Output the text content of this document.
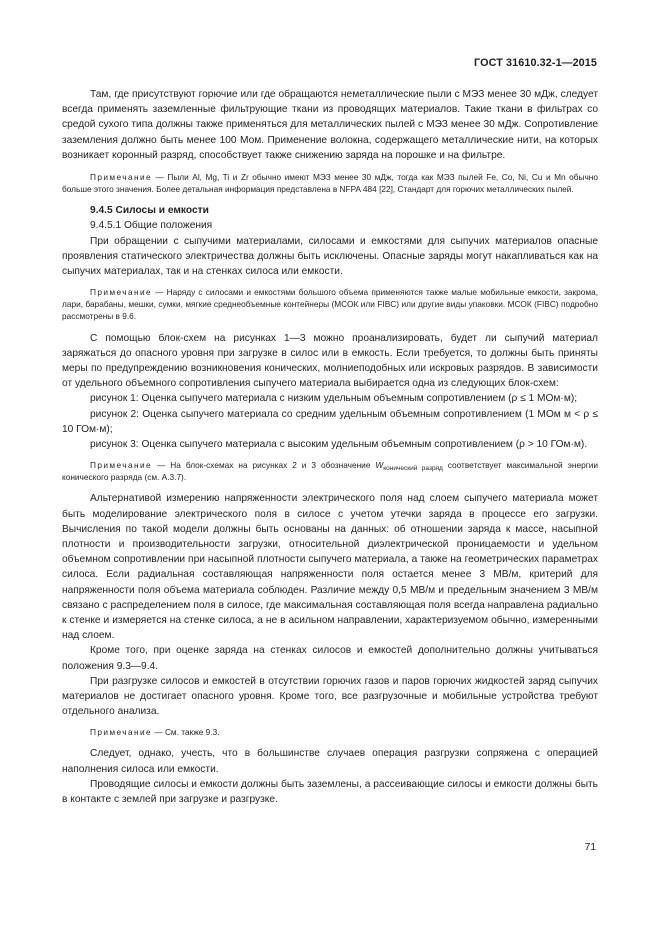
ГОСТ 31610.32-1—2015

Там, где присутствуют горючие или где обращаются неметаллические пыли с МЭЗ менее 30 мДж, следует всегда применять заземленные фильтрующие ткани из проводящих материалов. Такие ткани в фильтрах со средой сухого типа должны также применяться для металлических пылей с МЭЗ менее 30 мДж. Сопротивление заземления должно быть менее 100 Мом. Применение волокна, содержащего металлические нити, на которых возникает коронный разряд, способствует также снижению заряда на порошке и на фильтре.

Примечание — Пыли Al, Mg, Ti и Zr обычно имеют МЭЗ менее 30 мДж, тогда как МЭЗ пылей Fe, Co, Ni, Cu и Mn обычно больше этого значения. Более детальная информация представлена в NFPA 484 [22], Стандарт для горючих металлических пылей.

9.4.5 Силосы и емкости

9.4.5.1 Общие положения

При обращении с сыпучими материалами, силосами и емкостями для сыпучих материалов опасные проявления статического электричества должны быть исключены. Опасные заряды могут накапливаться как на сыпучих материалах, так и на стенках силоса или емкости.

Примечание — Наряду с силосами и емкостями большого объема применяются также малые мобильные емкости, закрома, лари, барабаны, мешки, сумки, мягкие среднеобъемные контейнеры (МСОК или FIBC) или другие виды упаковки. МСОК (FIBC) подробно рассмотрены в 9.6.

С помощью блок-схем на рисунках 1—3 можно проанализировать, будет ли сыпучий материал заряжаться до опасного уровня при загрузке в силос или в емкость. Если требуется, то должны быть приняты меры по предупреждению возникновения конических, молниеподобных или искровых разрядов. В зависимости от удельного объемного сопротивления сыпучего материала выбирается одна из следующих блок-схем:

рисунок 1: Оценка сыпучего материала с низким удельным объемным сопротивлением (ρ ≤ 1 МОм·м);

рисунок 2: Оценка сыпучего материала со средним удельным объемным сопротивлением (1 МОм м < ρ ≤ 10 ГОм·м);

рисунок 3: Оценка сыпучего материала с высоким удельным объемным сопротивлением (ρ > 10 ГОм·м).

Примечание — На блок-схемах на рисунках 2 и 3 обозначение $W_{конический разряд}$ соответствует максимальной энергии конического разряда (см. А.3.7).

Альтернативой измерению напряженности электрического поля над слоем сыпучего материала может быть моделирование электрического поля в силосе с учетом утечки заряда в процессе его загрузки. Вычисления по такой модели должны быть основаны на данных: об отношении заряда к массе, насыпной плотности и производительности загрузки, относительной диэлектрической проницаемости и удельном объемном сопротивлении при насыпной плотности сыпучего материала, а также на геометрических параметрах силоса. Если радиальная составляющая напряженности поля остается менее 3 МВ/м, критерий для напряженности поля объема материала соблюден. Различие между 0,5 МВ/м и предельным значением 3 МВ/м связано с распределением поля в силосе, где максимальная составляющая поля всегда направлена радиально к стенке и измеряется на стенке силоса, а не в асильном направлении, характеризуемом обычно, измеренными над слоем.

Кроме того, при оценке заряда на стенках силосов и емкостей дополнительно должны учитываться положения 9.3—9.4.

При разгрузке силосов и емкостей в отсутствии горючих газов и паров горючих жидкостей заряд сыпучих материалов не достигает опасного уровня. Кроме того, все разгрузочные и мобильные устройства требуют отдельного анализа.

Примечание — См. также 9.3.

Следует, однако, учесть, что в большинстве случаев операция разгрузки сопряжена с операцией наполнения силоса или емкости.

Проводящие силосы и емкости должны быть заземлены, а рассеивающие силосы и емкости должны быть в контакте с землей при загрузке и разгрузке.

71
